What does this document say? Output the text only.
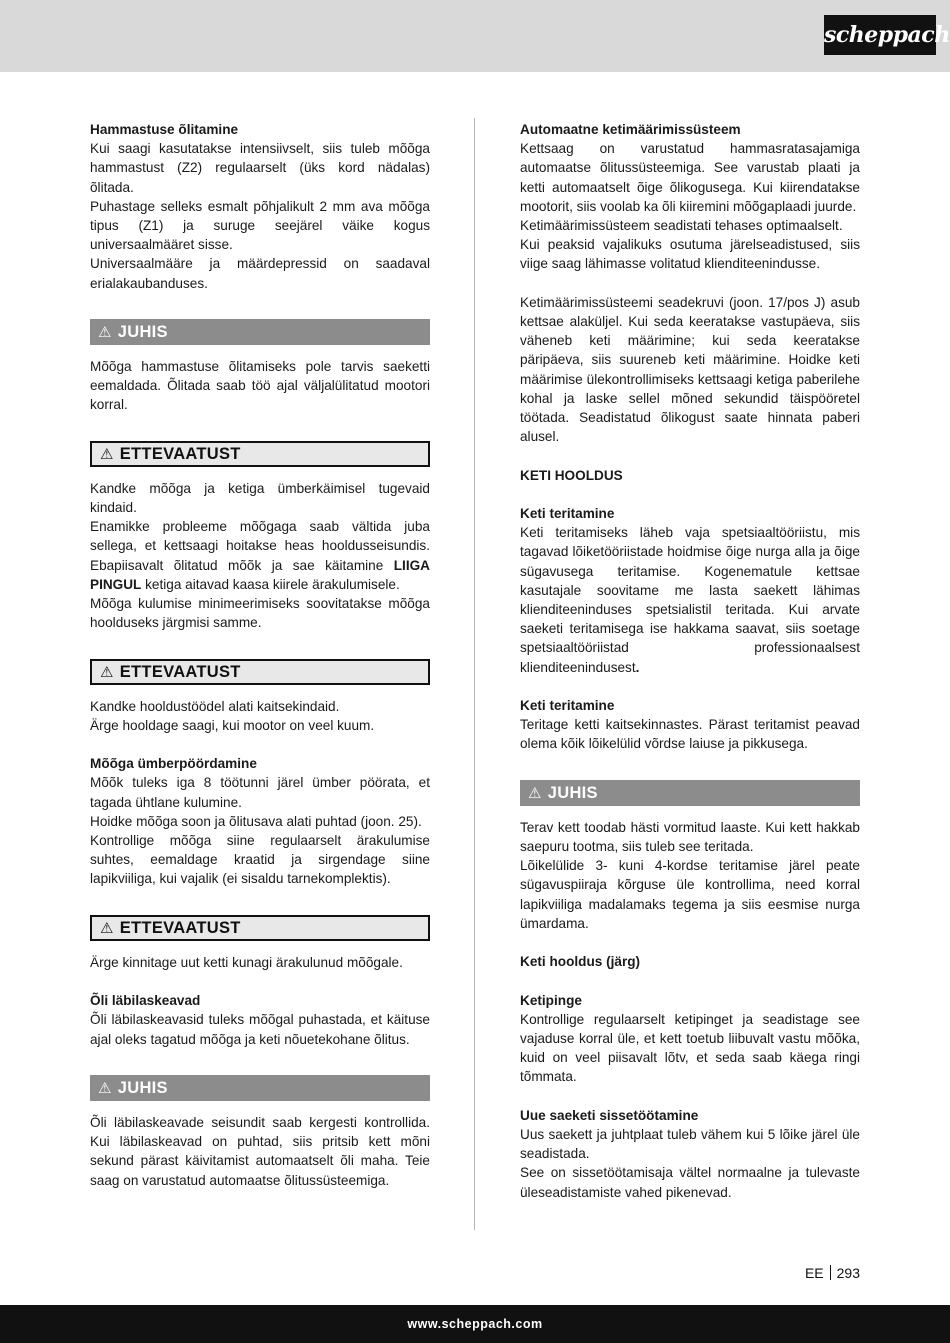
scheppach
Hammastuse õlitamine

Kui saagi kasutatakse intensiivselt, siis tuleb mõõga hammastust (Z2) regulaarselt (üks kord nädalas) õlitada.

Puhastage selleks esmalt põhjalikult 2 mm ava mõõga tipus (Z1) ja suruge seejärel väike kogus universaalmääret sisse.

Universaalmääre ja määrdepressid on saadaval erialakaubanduses.

⚠ JUHIS

Mõõga hammastuse õlitamiseks pole tarvis saeketti eemaldada. Õlitada saab töö ajal väljalülitatud mootori korral.

⚠ ETTEVAATUST

Kandke mõõga ja ketiga ümberkäimisel tugevaid kindaid.

Enamikke probleeme mõõgaga saab vältida juba sellega, et kettsaagi hoitakse heas hooldusseisundis. Ebapiisavalt õlitatud mõõk ja sae käitamine LIIGA PINGUL ketiga aitavad kaasa kiirele ärakulumisele.

Mõõga kulumise minimeerimiseks soovitatakse mõõga hoolduseks järgmisi samme.

⚠ ETTEVAATUST

Kandke hooldustöödel alati kaitsekindaid.

Ärge hooldage saagi, kui mootor on veel kuum.

Mõõga ümberpöördamine

Mõõk tuleks iga 8 töötunni järel ümber pöörata, et tagada ühtlane kulumine.

Hoidke mõõga soon ja õlitusava alati puhtad (joon. 25).

Kontrollige mõõga siine regulaarselt ärakulumise suhtes, eemaldage kraatid ja sirgendage siine lapikviiliga, kui vajalik (ei sisaldu tarnekomplektis).

⚠ ETTEVAATUST

Ärge kinnitage uut ketti kunagi ärakulunud mõõgale.

Õli läbilaskeavad

Õli läbilaskeavasid tuleks mõõgal puhastada, et käituse ajal oleks tagatud mõõga ja keti nõuetekohane õlitus.

⚠ JUHIS

Õli läbilaskeavade seisundit saab kergesti kontrollida. Kui läbilaskeavad on puhtad, siis pritsib kett mõni sekund pärast käivitamist automaatselt õli maha. Teie saag on varustatud automaatse õlitussüsteemiga.

Automaatne ketimäärimissüsteem

Kettsaag on varustatud hammasratasajamiga automaatse õlitussüsteemiga. See varustab plaati ja ketti automaatselt õige õlikogusega. Kui kiirendatakse mootorit, siis voolab ka õli kiiremini mõõgaplaadi juurde.

Ketimäärimissüsteem seadistati tehases optimaalselt.

Kui peaksid vajalikuks osutuma järelseadistused, siis viige saag lähimasse volitatud klienditeenindusse.

Ketimäärimissüsteemi seadekruvi (joon. 17/pos J) asub kettsae alaküljel. Kui seda keeratakse vastupäeva, siis väheneb keti määrimine; kui seda keeratakse päripäeva, siis suureneb keti määrimine. Hoidke keti määrimise ülekontrollimiseks kettsaagi ketiga paberilehe kohal ja laske sellel mõned sekundid täispööretel töötada. Seadistatud õlikogust saate hinnata paberi alusel.

KETI HOOLDUS
Keti teritamine

Keti teritamiseks läheb vaja spetsiaaltööriistu, mis tagavad lõiketööriistade hoidmise õige nurga alla ja õige sügavusega teritamise. Kogenematule kettsae kasutajale soovitame me lasta saekett lähimas klienditeeninduses spetsialistil teritada. Kui arvate saeketi teritamisega ise hakkama saavat, siis soetage spetsiaaltööriistad professionaalsest klienditeenindusest.

Keti teritamine

Teritage ketti kaitsekinnastes. Pärast teritamist peavad olema kõik lõikelülid võrdse laiuse ja pikkusega.

⚠ JUHIS

Terav kett toodab hästi vormitud laaste. Kui kett hakkab saepuru tootma, siis tuleb see teritada.

Lõikelülide 3- kuni 4-kordse teritamise järel peate sügavuspiiraja kõrguse üle kontrollima, need korral lapikviiliga madalamaks tegema ja siis eesmise nurga ümardama.

Keti hooldus (järg)
Ketipinge

Kontrollige regulaarselt ketipinget ja seadistage see vajaduse korral üle, et kett toetub liibuvalt vastu mõõka, kuid on veel piisavalt lõtv, et seda saab käega ringi tõmmata.

Uue saeketi sissetöötamine

Uus saekett ja juhtplaat tuleb vähem kui 5 lõike järel üle seadistada.

See on sissetöötamisaja vältel normaalne ja tulevaste üleseadistamiste vahed pikenevad.

EE 293
www.scheppach.com
